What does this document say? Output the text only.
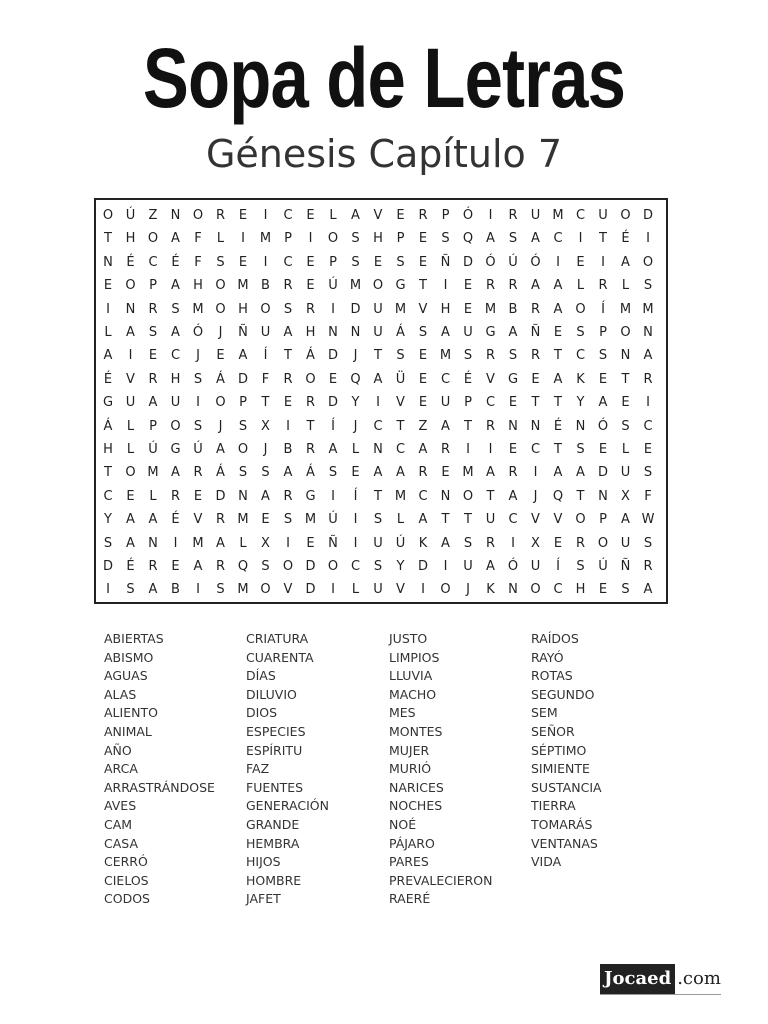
Sopa de Letras
Génesis Capítulo 7
O Ú	Z	N O R	E	I	C	E	L	A	V	E	R	P	Ó	I	R	U M C	U O D
T	H O A	F	L	I	M P	I	O	S	H	P	E	S	Q A	S	A	C	I	T	É	I
N	É	C	É	F	S	E	I	C	E	P	S	E	S	E	Ñ D Ó Ú Ó	I	E	I	A O
E	O	P	A	H O M B	R	E	Ú M O G	T	I	E	R	R	A	A	L	R	L	S
I	N	R	S M O H O	S	R	I	D U M V	H	E M B	R	A O	Í	M M
L	A	S	A Ó	J	Ñ U	A	H N N U	Á	S	A	U G	A	Ñ	E	S	P	O N
A	I	E	C	J	E	A	Í	T	Á	D	J	T	S	E M S	R	S	R	T	C	S	N	A
É	V	R	H	S	Á	D	F	R O	E	Q A	Ü	E	C	É	V	G	E	A	K	E	T	R
G U	A	U	I	O	P	T	E	R D	Y	I	V	E	U	P	C	E	T	T	Y	A	E	I
Á	L	P	O	S	J	S	X	I	T	Í	J	C	T	Z	A	T	R	N N	É	N Ó	S	C
H	L	Ú G Ú	A O	J	B	R	A	L	N	C	A	R	I	I	E	C	T	S	E	L	E
T	O M A	R	Á	S	S	A	Á	S	E	A	A	R	E M A	R	I	A	A	D U	S
C	E	L	R	E	D N	A	R G	I	Í	T M C	N O	T	A	J	Q	T	N	X	F
Y	A	A	É	V	R M E	S M Ú	I	S	L	A	T	T	U	C	V	V O	P	A W
S	A	N	I	M A	L	X	I	E	Ñ	I	U Ú	K	A	S	R	I	X	E	R O U	S
D	É	R	E	A	R Q	S	O D O C	S	Y	D	I	U	A Ó U	Í	S	Ú Ñ	R
I	S	A	B	I	S M O V	D	I	L	U	V	I	O	J	K	N O C	H	E	S	A
ABIERTAS
ABISMO
AGUAS
ALAS
ALIENTO
ANIMAL
AÑO
ARCA
ARRASTRÁNDOSE
AVES
CAM
CASA
CERRÓ
CIELOS
CODOS
CRIATURA
CUARENTA
DÍAS
DILUVIO
DIOS
ESPECIES
ESPÍRITU
FAZ
FUENTES
GENERACIÓN
GRANDE
HEMBRA
HIJOS
HOMBRE
JAFET
JUSTO
LIMPIOS
LLUVIA
MACHO
MES
MONTES
MUJER
MURIÓ
NARICES
NOCHES
NOÉ
PÁJARO
PARES
PREVALECIERON
RAERÉ
RAÍDOS
RAYÓ
ROTAS
SEGUNDO
SEM
SEÑOR
SÉPTIMO
SIMIENTE
SUSTANCIA
TIERRA
TOMARÁS
VENTANAS
VIDA
Jocaed .com
